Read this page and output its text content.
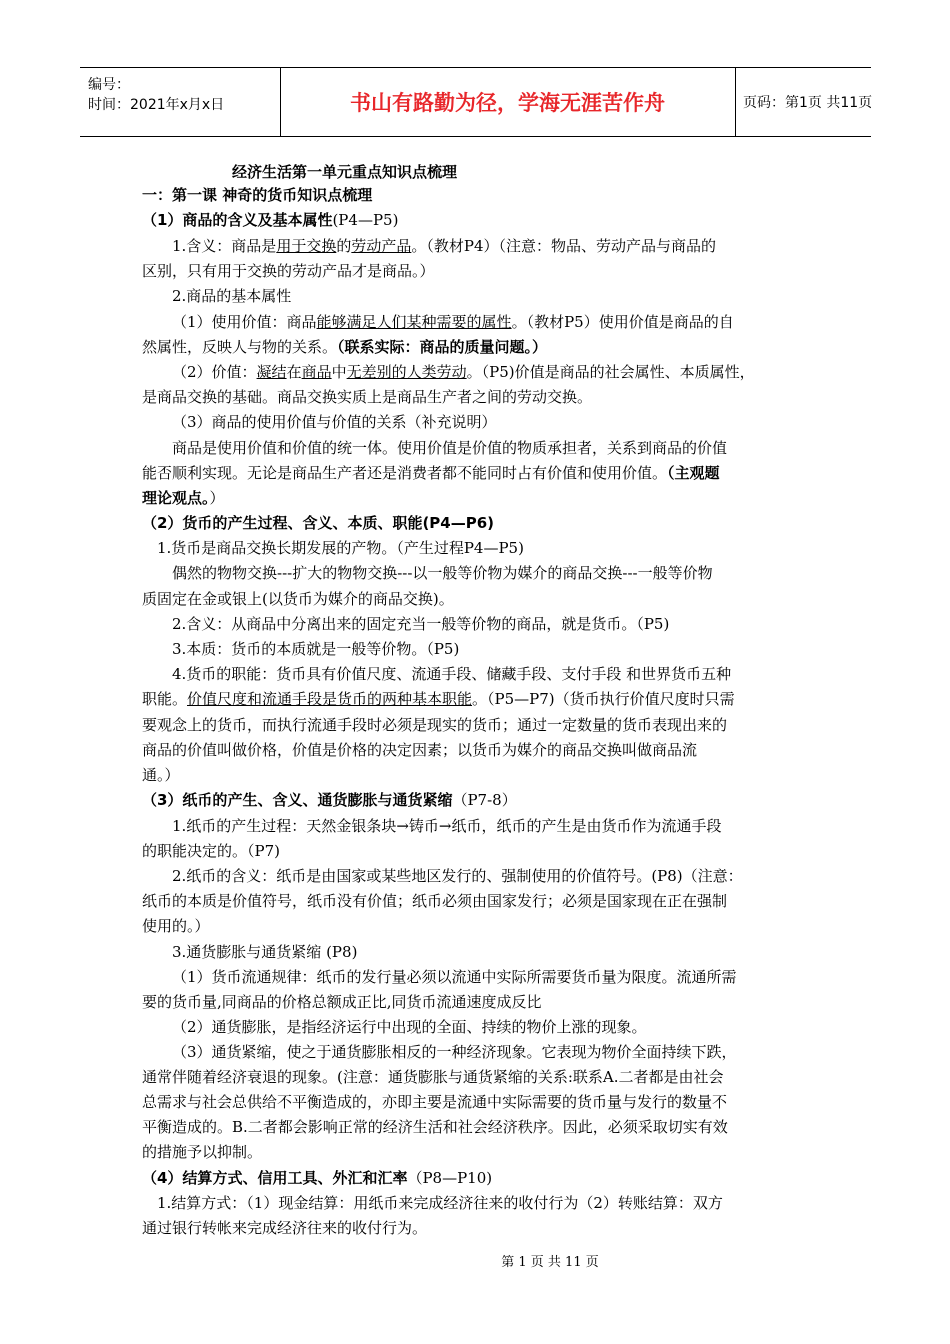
编号：
时间：2021年x月x日	书山有路勤为径，学海无涯苦作舟	页码：第1页 共11页
经济生活第一单元重点知识点梳理
一：第一课 神奇的货币知识点梳理
（1）商品的含义及基本属性(P4—P5)
1.含义：商品是用于交换的劳动产品。（教材P4）（注意：物品、劳动产品与商品的
区别，只有用于交换的劳动产品才是商品。）
2.商品的基本属性
（1）使用价值：商品能够满足人们某种需要的属性。（教材P5）使用价值是商品的自
然属性，反映人与物的关系。（联系实际：商品的质量问题。）
（2）价值：凝结在商品中无差别的人类劳动。（P5)价值是商品的社会属性、本质属性，
是商品交换的基础。商品交换实质上是商品生产者之间的劳动交换。
（3）商品的使用价值与价值的关系（补充说明）
商品是使用价值和价值的统一体。使用价值是价值的物质承担者，关系到商品的价值
能否顺利实现。无论是商品生产者还是消费者都不能同时占有价值和使用价值。（主观题
理论观点。）
（2）货币的产生过程、含义、本质、职能(P4—P6)
1.货币是商品交换长期发展的产物。（产生过程P4—P5)
偶然的物物交换---扩大的物物交换---以一般等价物为媒介的商品交换---一般等价物
质固定在金或银上(以货币为媒介的商品交换)。
2.含义：从商品中分离出来的固定充当一般等价物的商品，就是货币。（P5)
3.本质：货币的本质就是一般等价物。（P5)
4.货币的职能：货币具有价值尺度、流通手段、储藏手段、支付手段 和世界货币五种
职能。价值尺度和流通手段是货币的两种基本职能。（P5—P7)（货币执行价值尺度时只需
要观念上的货币，而执行流通手段时必须是现实的货币；通过一定数量的货币表现出来的
商品的价值叫做价格，价值是价格的决定因素；以货币为媒介的商品交换叫做商品流
通。）
（3）纸币的产生、含义、通货膨胀与通货紧缩（P7-8）
1.纸币的产生过程：天然金银条块→铸币→纸币，纸币的产生是由货币作为流通手段
的职能决定的。（P7)
2.纸币的含义：纸币是由国家或某些地区发行的、强制使用的价值符号。(P8)（注意：
纸币的本质是价值符号，纸币没有价值；纸币必须由国家发行；必须是国家现在正在强制
使用的。）
3.通货膨胀与通货紧缩 (P8)
（1）货币流通规律：纸币的发行量必须以流通中实际所需要货币量为限度。流通所需
要的货币量,同商品的价格总额成正比,同货币流通速度成反比
（2）通货膨胀，是指经济运行中出现的全面、持续的物价上涨的现象。
（3）通货紧缩，使之于通货膨胀相反的一种经济现象。它表现为物价全面持续下跌，
通常伴随着经济衰退的现象。(注意：通货膨胀与通货紧缩的关系:联系A.二者都是由社会
总需求与社会总供给不平衡造成的，亦即主要是流通中实际需要的货币量与发行的数量不
平衡造成的。B.二者都会影响正常的经济生活和社会经济秩序。因此，必须采取切实有效
的措施予以抑制。
（4）结算方式、信用工具、外汇和汇率（P8—P10)
1.结算方式：（1）现金结算：用纸币来完成经济往来的收付行为（2）转账结算：双方
通过银行转帐来完成经济往来的收付行为。
第 1 页 共 11 页
